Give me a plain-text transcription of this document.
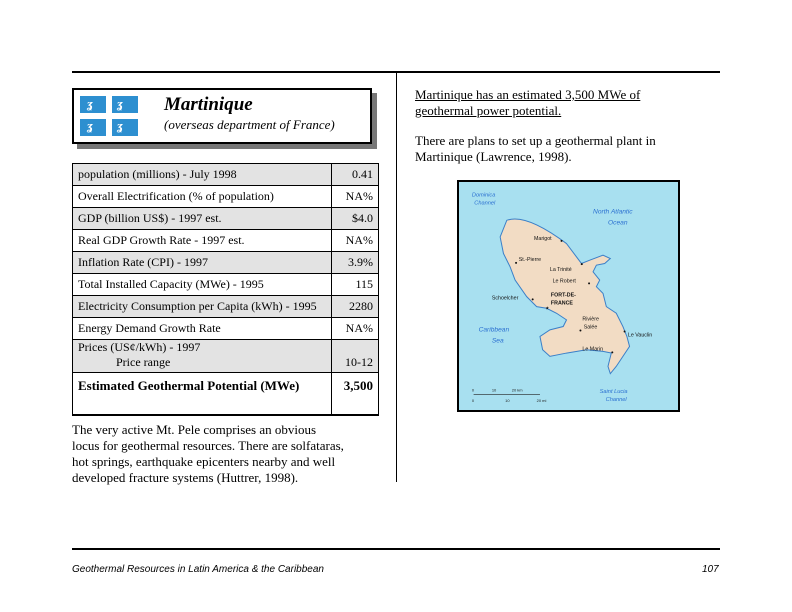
ʓ ʓ
ʓ ʓ
Martinique
(overseas department of France)
population (millions) - July 1998	0.41
Overall Electrification (% of population)	NA%
GDP (billion US$) - 1997 est.	$4.0
Real GDP Growth Rate - 1997 est.	NA%
Inflation Rate (CPI) - 1997	3.9%
Total Installed Capacity (MWe) - 1995	115
Electricity Consumption per Capita (kWh) - 1995	2280
Energy Demand Growth Rate	NA%

Prices (US¢/kWh) - 1997
Price range	10-12
Estimated Geothermal Potential (MWe)	3,500
The very active Mt. Pele comprises an obvious locus for geothermal resources. There are solfataras, hot springs, earthquake epicenters nearby and well developed fracture systems (Huttrer, 1998).
Martinique has an estimated 3,500 MWe of geothermal power potential.
There are plans to set up a geothermal plant in Martinique (Lawrence, 1998).
Dominica
Channel
North Atlantic
Ocean
Caribbean
Sea
Saint Lucia
Channel
Marigot
St.-Pierre
La Trinité
Le Robert
Schoelcher FORT-DE-
FRANCE
★
Rivière
Salée
Le Vauclin
Le Marin
0 10 20 km
0	10 20 mi
Geothermal Resources in Latin America & the Caribbean	107
